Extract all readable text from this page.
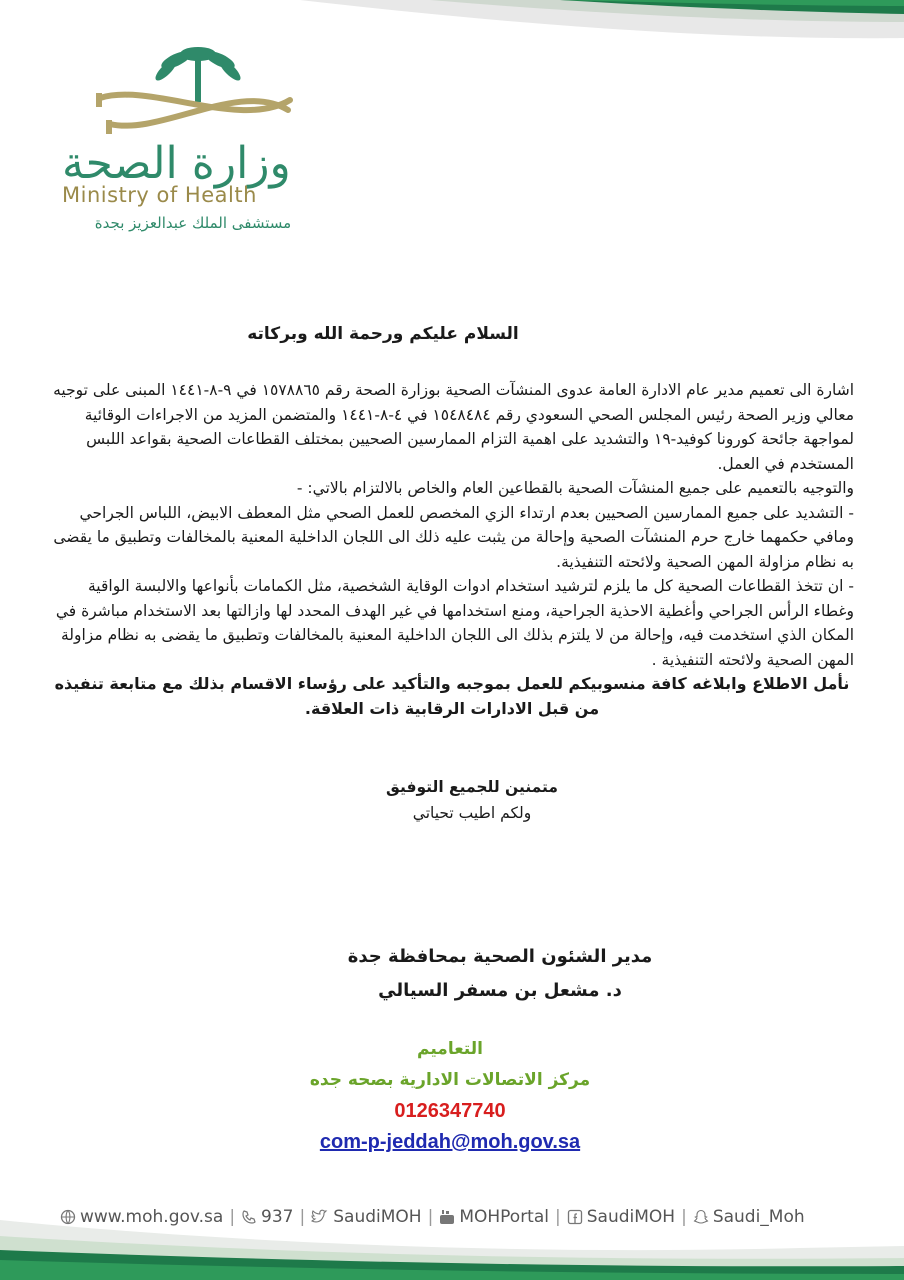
وزارة الصحة
Ministry of Health
مستشفى الملك عبدالعزيز بجدة
السلام عليكم ورحمة الله وبركاته

اشارة الى تعميم مدير عام الادارة العامة عدوى المنشآت الصحية بوزارة الصحة رقم ١٥٧٨٨٦٥ في ٩-٨-١٤٤١ المبنى على توجيه معالي وزير الصحة رئيس المجلس الصحي السعودي رقم ١٥٤٨٤٨٤ في ٤-٨-١٤٤١ والمتضمن المزيد من الاجراءات الوقائية لمواجهة جائحة كورونا كوفيد-١٩ والتشديد على اهمية التزام الممارسين الصحيين بمختلف القطاعات الصحية بقواعد اللبس المستخدم في العمل.

والتوجيه بالتعميم على جميع المنشآت الصحية بالقطاعين العام والخاص بالالتزام بالاتي: -

- التشديد على جميع الممارسين الصحيين بعدم ارتداء الزي المخصص للعمل الصحي مثل المعطف الابيض، اللباس الجراحي ومافي حكمهما خارج حرم المنشآت الصحية وإحالة من يثبت عليه ذلك الى اللجان الداخلية المعنية بالمخالفات وتطبيق ما يقضى به نظام مزاولة المهن الصحية ولائحته التنفيذية.

- ان تتخذ القطاعات الصحية كل ما يلزم لترشيد استخدام ادوات الوقاية الشخصية، مثل الكمامات بأنواعها والالبسة الواقية وغطاء الرأس الجراحي وأغطية الاحذية الجراحية، ومنع استخدامها في غير الهدف المحدد لها وازالتها بعد الاستخدام مباشرة في المكان الذي استخدمت فيه، وإحالة من لا يلتزم بذلك الى اللجان الداخلية المعنية بالمخالفات وتطبيق ما يقضى به نظام مزاولة المهن الصحية ولائحته التنفيذية .

نأمل الاطلاع وابلاغه كافة منسوبيكم للعمل بموجبه والتأكيد على رؤساء الاقسام بذلك مع متابعة تنفيذه من قبل الادارات الرقابية ذات العلاقة.

متمنين للجميع التوفيق
ولكم اطيب تحياتي
مدير الشئون الصحية بمحافظة جدة
د. مشعل بن مسفر السيالي
التعاميم
مركز الاتصالات الادارية بصحه جده
0126347740
com-p-jeddah@moh.gov.sa
www.moh.gov.sa | 937 | SaudiMOH | MOHPortal | SaudiMOH | Saudi_Moh
